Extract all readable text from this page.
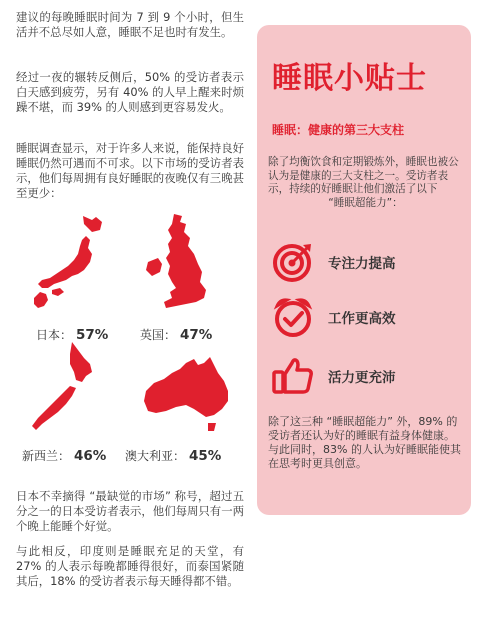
建议的每晚睡眠时间为 7 到 9 个小时，但生活并不总尽如人意，睡眠不足也时有发生。

经过一夜的辗转反侧后，50% 的受访者表示白天感到疲劳，另有 40% 的人早上醒来时烦躁不堪，而 39% 的人则感到更容易发火。

睡眠调查显示，对于许多人来说，能保持良好睡眠仍然可遇而不可求。以下市场的受访者表示，他们每周拥有良好睡眠的夜晚仅有三晚甚至更少：

日本： 57%	英国： 47%
新西兰： 46% 澳大利亚： 45%

日本不幸摘得 “最缺觉的市场” 称号，超过五分之一的日本受访者表示，他们每周只有一两个晚上能睡个好觉。

与此相反，印度则是睡眠充足的天堂，有 27% 的人表示每晚都睡得很好，而泰国紧随其后，18% 的受访者表示每天睡得都不错。

睡眠小贴士
睡眠：健康的第三大支柱
除了均衡饮食和定期锻炼外，睡眠也被公认为是健康的三大支柱之一。受访者表示，持续的好睡眠让他们激活了以下
“睡眠超能力”：
专注力提高
工作更高效
活力更充沛

除了这三种 “睡眠超能力” 外，89% 的受访者还认为好的睡眠有益身体健康。与此同时，83% 的人认为好睡眠能使其在思考时更具创意。
